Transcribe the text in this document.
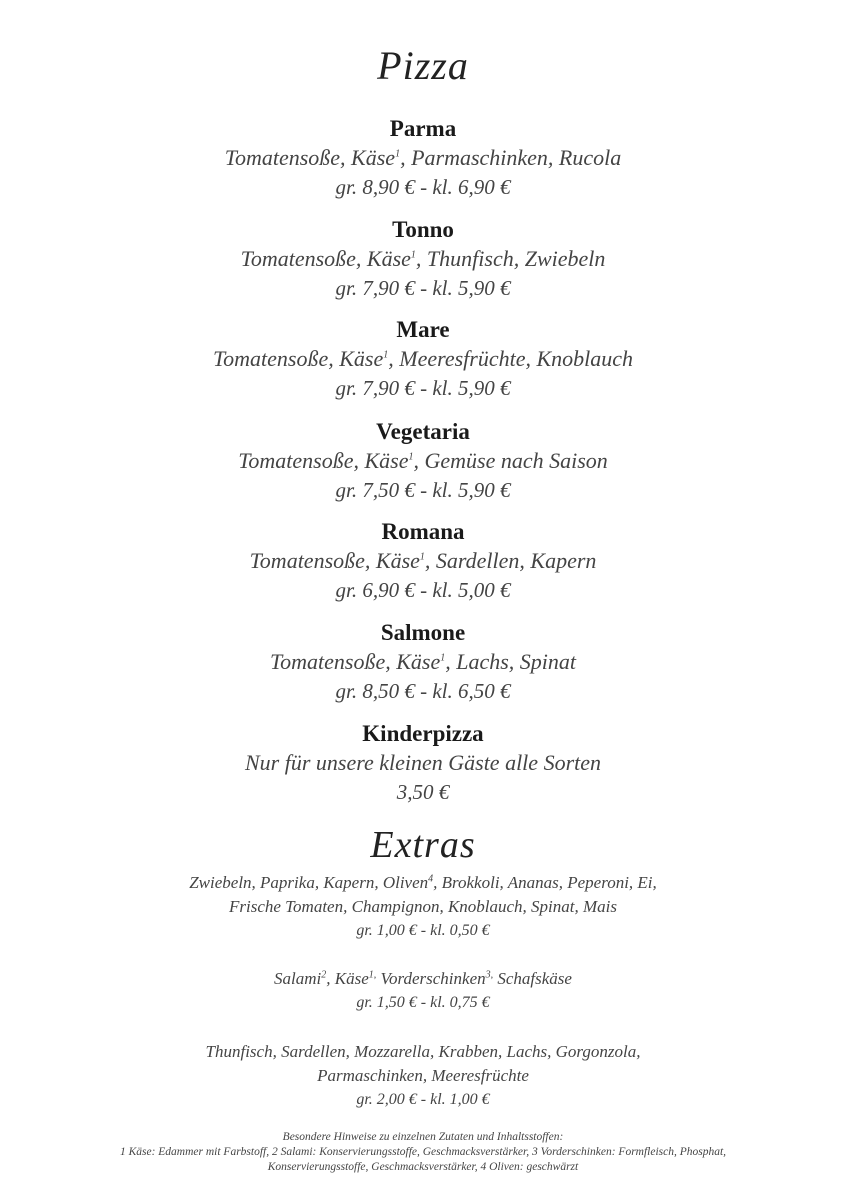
Pizza
Parma
Tomatensoße, Käse$^1$, Parmaschinken, Rucola
gr. 8,90 € - kl. 6,90 €
Tonno
Tomatensoße, Käse$^1$, Thunfisch, Zwiebeln
gr. 7,90 € - kl. 5,90 €
Mare
Tomatensoße, Käse$^1$, Meeresfrüchte, Knoblauch
gr. 7,90 € - kl. 5,90 €
Vegetaria
Tomatensoße, Käse$^1$, Gemüse nach Saison
gr. 7,50 € - kl. 5,90 €
Romana
Tomatensoße, Käse$^1$, Sardellen, Kapern
gr. 6,90 € - kl. 5,00 €
Salmone
Tomatensoße, Käse$^1$, Lachs, Spinat
gr. 8,50 € - kl. 6,50 €
Kinderpizza
Nur für unsere kleinen Gäste alle Sorten
3,50 €
Extras
Zwiebeln, Paprika, Kapern, Oliven$^4$, Brokkoli, Ananas, Peperoni, Ei,
Frische Tomaten, Champignon, Knoblauch, Spinat, Mais
gr. 1,00 € - kl. 0,50 €
Salami$^2$, Käse$^{1,}$ Vorderschinken$^{3,}$ Schafskäse
gr. 1,50 € - kl. 0,75 €
Thunfisch, Sardellen, Mozzarella, Krabben, Lachs, Gorgonzola,
Parmaschinken, Meeresfrüchte
gr. 2,00 € - kl. 1,00 €
Besondere Hinweise zu einzelnen Zutaten und Inhaltsstoffen:
1 Käse: Edammer mit Farbstoff, 2 Salami: Konservierungsstoffe, Geschmacksverstärker, 3 Vorderschinken: Formfleisch, Phosphat,
Konservierungsstoffe, Geschmacksverstärker, 4 Oliven: geschwärzt
